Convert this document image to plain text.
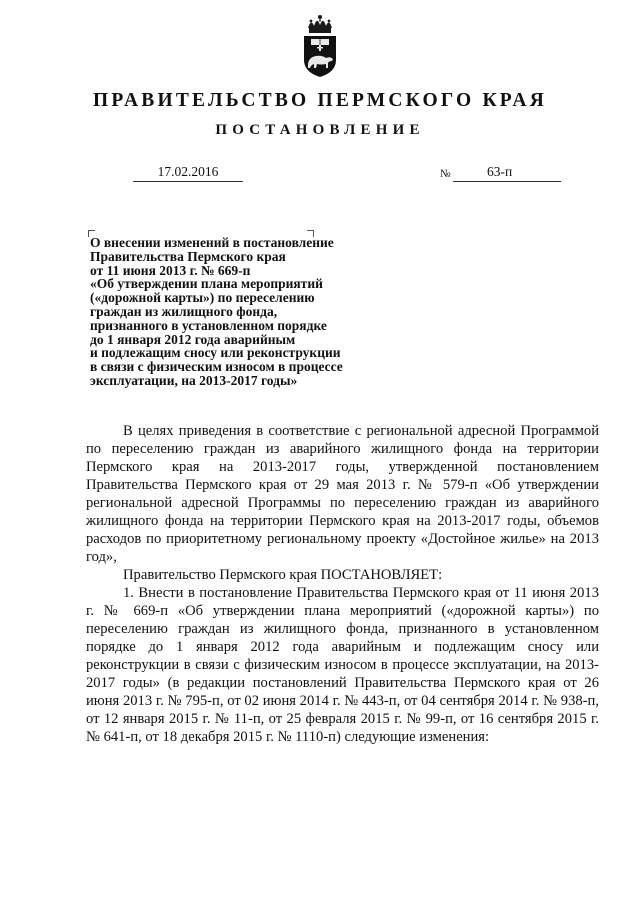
ПРАВИТЕЛЬСТВО ПЕРМСКОГО КРАЯ
ПОСТАНОВЛЕНИЕ
17.02.2016	№	63-п
О внесении изменений в постановление
Правительства Пермского края
от 11 июня 2013 г. № 669-п
«Об утверждении плана мероприятий
(«дорожной карты») по переселению
граждан из жилищного фонда,
признанного в установленном порядке
до 1 января 2012 года аварийным
и подлежащим сносу или реконструкции
в связи с физическим износом в процессе
эксплуатации, на 2013-2017 годы»

В целях приведения в соответствие с региональной адресной Программой по переселению граждан из аварийного жилищного фонда на территории Пермского края на 2013-2017 годы, утвержденной постановлением Правительства Пермского края от 29 мая 2013 г. № 579-п «Об утверждении региональной адресной Программы по переселению граждан из аварийного жилищного фонда на территории Пермского края на 2013-2017 годы, объемов расходов по приоритетному региональному проекту «Достойное жилье» на 2013 год»,

Правительство Пермского края ПОСТАНОВЛЯЕТ:

1. Внести в постановление Правительства Пермского края от 11 июня 2013 г. № 669-п «Об утверждении плана мероприятий («дорожной карты») по переселению граждан из жилищного фонда, признанного в установленном порядке до 1 января 2012 года аварийным и подлежащим сносу или реконструкции в связи с физическим износом в процессе эксплуатации, на 2013-2017 годы» (в редакции постановлений Правительства Пермского края от 26 июня 2013 г. № 795-п, от 02 июня 2014 г. № 443-п, от 04 сентября 2014 г. № 938-п, от 12 января 2015 г. № 11-п, от 25 февраля 2015 г. № 99-п, от 16 сентября 2015 г. № 641-п, от 18 декабря 2015 г. № 1110-п) следующие изменения:
